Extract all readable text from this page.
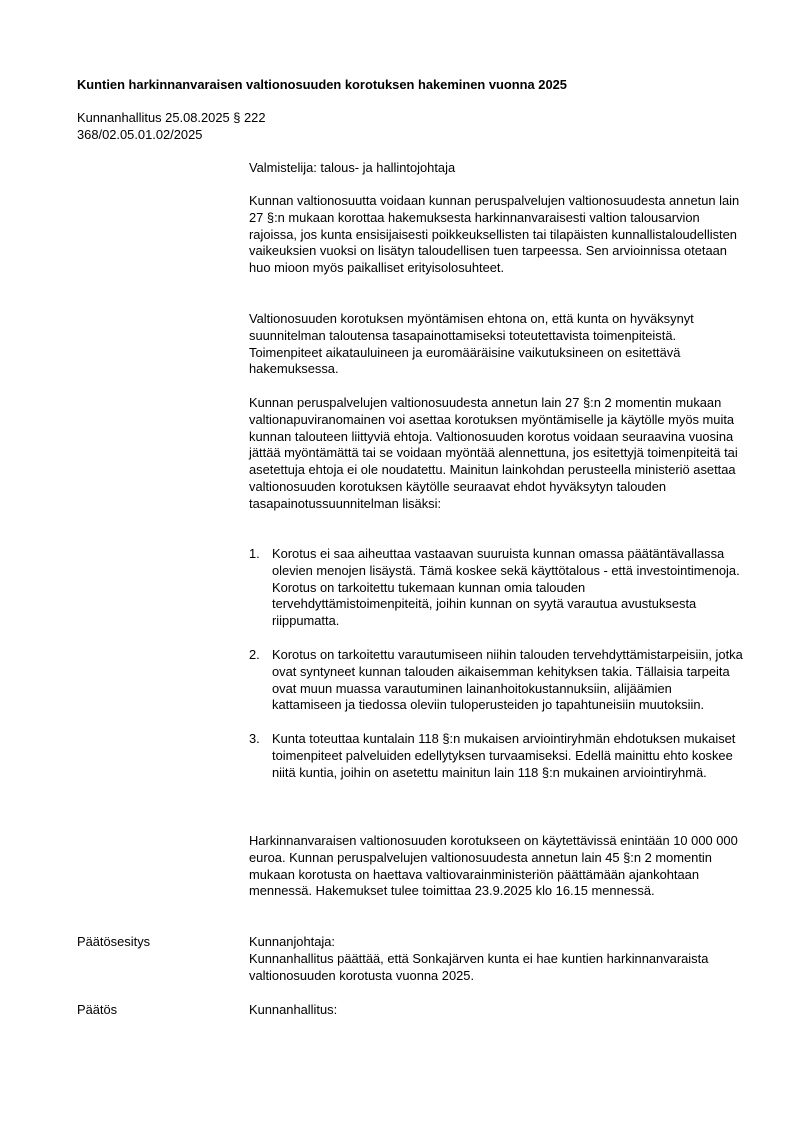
Kuntien harkinnanvaraisen valtionosuuden korotuksen hakeminen vuonna 2025
Kunnanhallitus 25.08.2025 § 222
368/02.05.01.02/2025
Valmistelija: talous- ja hallintojohtaja

Kunnan valtionosuutta voidaan kunnan peruspalvelujen valtionosuudesta annetun lain 27 §:n mukaan korottaa hakemuksesta harkinnanvaraisesti valtion talousarvion rajoissa, jos kunta ensisijaisesti poikkeuksellisten tai tilapäisten kunnallistaloudellisten vaikeuksien vuoksi on lisätyn taloudellisen tuen tarpeessa. Sen arvioinnissa otetaan huo mioon myös paikalliset erityisolosuhteet.

Valtionosuuden korotuksen myöntämisen ehtona on, että kunta on hyväksynyt suunnitelman taloutensa tasapainottamiseksi toteutettavista toimenpiteistä. Toimenpiteet aikatauluineen ja euromääräisine vaikutuksineen on esitettävä hakemuksessa.

Kunnan peruspalvelujen valtionosuudesta annetun lain 27 §:n 2 momentin mukaan valtionapuviranomainen voi asettaa korotuksen myöntämiselle ja käytölle myös muita kunnan talouteen liittyviä ehtoja. Valtionosuuden korotus voidaan seuraavina vuosina jättää myöntämättä tai se voidaan myöntää alennettuna, jos esitettyjä toimenpiteitä tai asetettuja ehtoja ei ole noudatettu. Mainitun lainkohdan perusteella ministeriö asettaa valtionosuuden korotuksen käytölle seuraavat ehdot hyväksytyn talouden tasapainotussuunnitelman lisäksi:

1. Korotus ei saa aiheuttaa vastaavan suuruista kunnan omassa päätäntävallassa olevien menojen lisäystä. Tämä koskee sekä käyttötalous - että investointimenoja. Korotus on tarkoitettu tukemaan kunnan omia talouden tervehdyttämistoimenpiteitä, joihin kunnan on syytä varautua avustuksesta riippumatta.
2. Korotus on tarkoitettu varautumiseen niihin talouden tervehdyttämistarpeisiin, jotka ovat syntyneet kunnan talouden aikaisemman kehityksen takia. Tällaisia tarpeita ovat muun muassa varautuminen lainanhoitokustannuksiin, alijäämien kattamiseen ja tiedossa oleviin tuloperusteiden jo tapahtuneisiin muutoksiin.
3. Kunta toteuttaa kuntalain 118 §:n mukaisen arviointiryhmän ehdotuksen mukaiset toimenpiteet palveluiden edellytyksen turvaamiseksi. Edellä mainittu ehto koskee niitä kuntia, joihin on asetettu mainitun lain 118 §:n mukainen arviointiryhmä.

Harkinnanvaraisen valtionosuuden korotukseen on käytettävissä enintään 10 000 000 euroa. Kunnan peruspalvelujen valtionosuudesta annetun lain 45 §:n 2 momentin mukaan korotusta on haettava valtiovarainministeriön päättämään ajankohtaan mennessä. Hakemukset tulee toimittaa 23.9.2025 klo 16.15 mennessä.

Päätösesitys	Kunnanjohtaja:
Kunnanhallitus päättää, että Sonkajärven kunta ei hae kuntien harkinnanvaraista valtionosuuden korotusta vuonna 2025.
Päätös	Kunnanhallitus:
